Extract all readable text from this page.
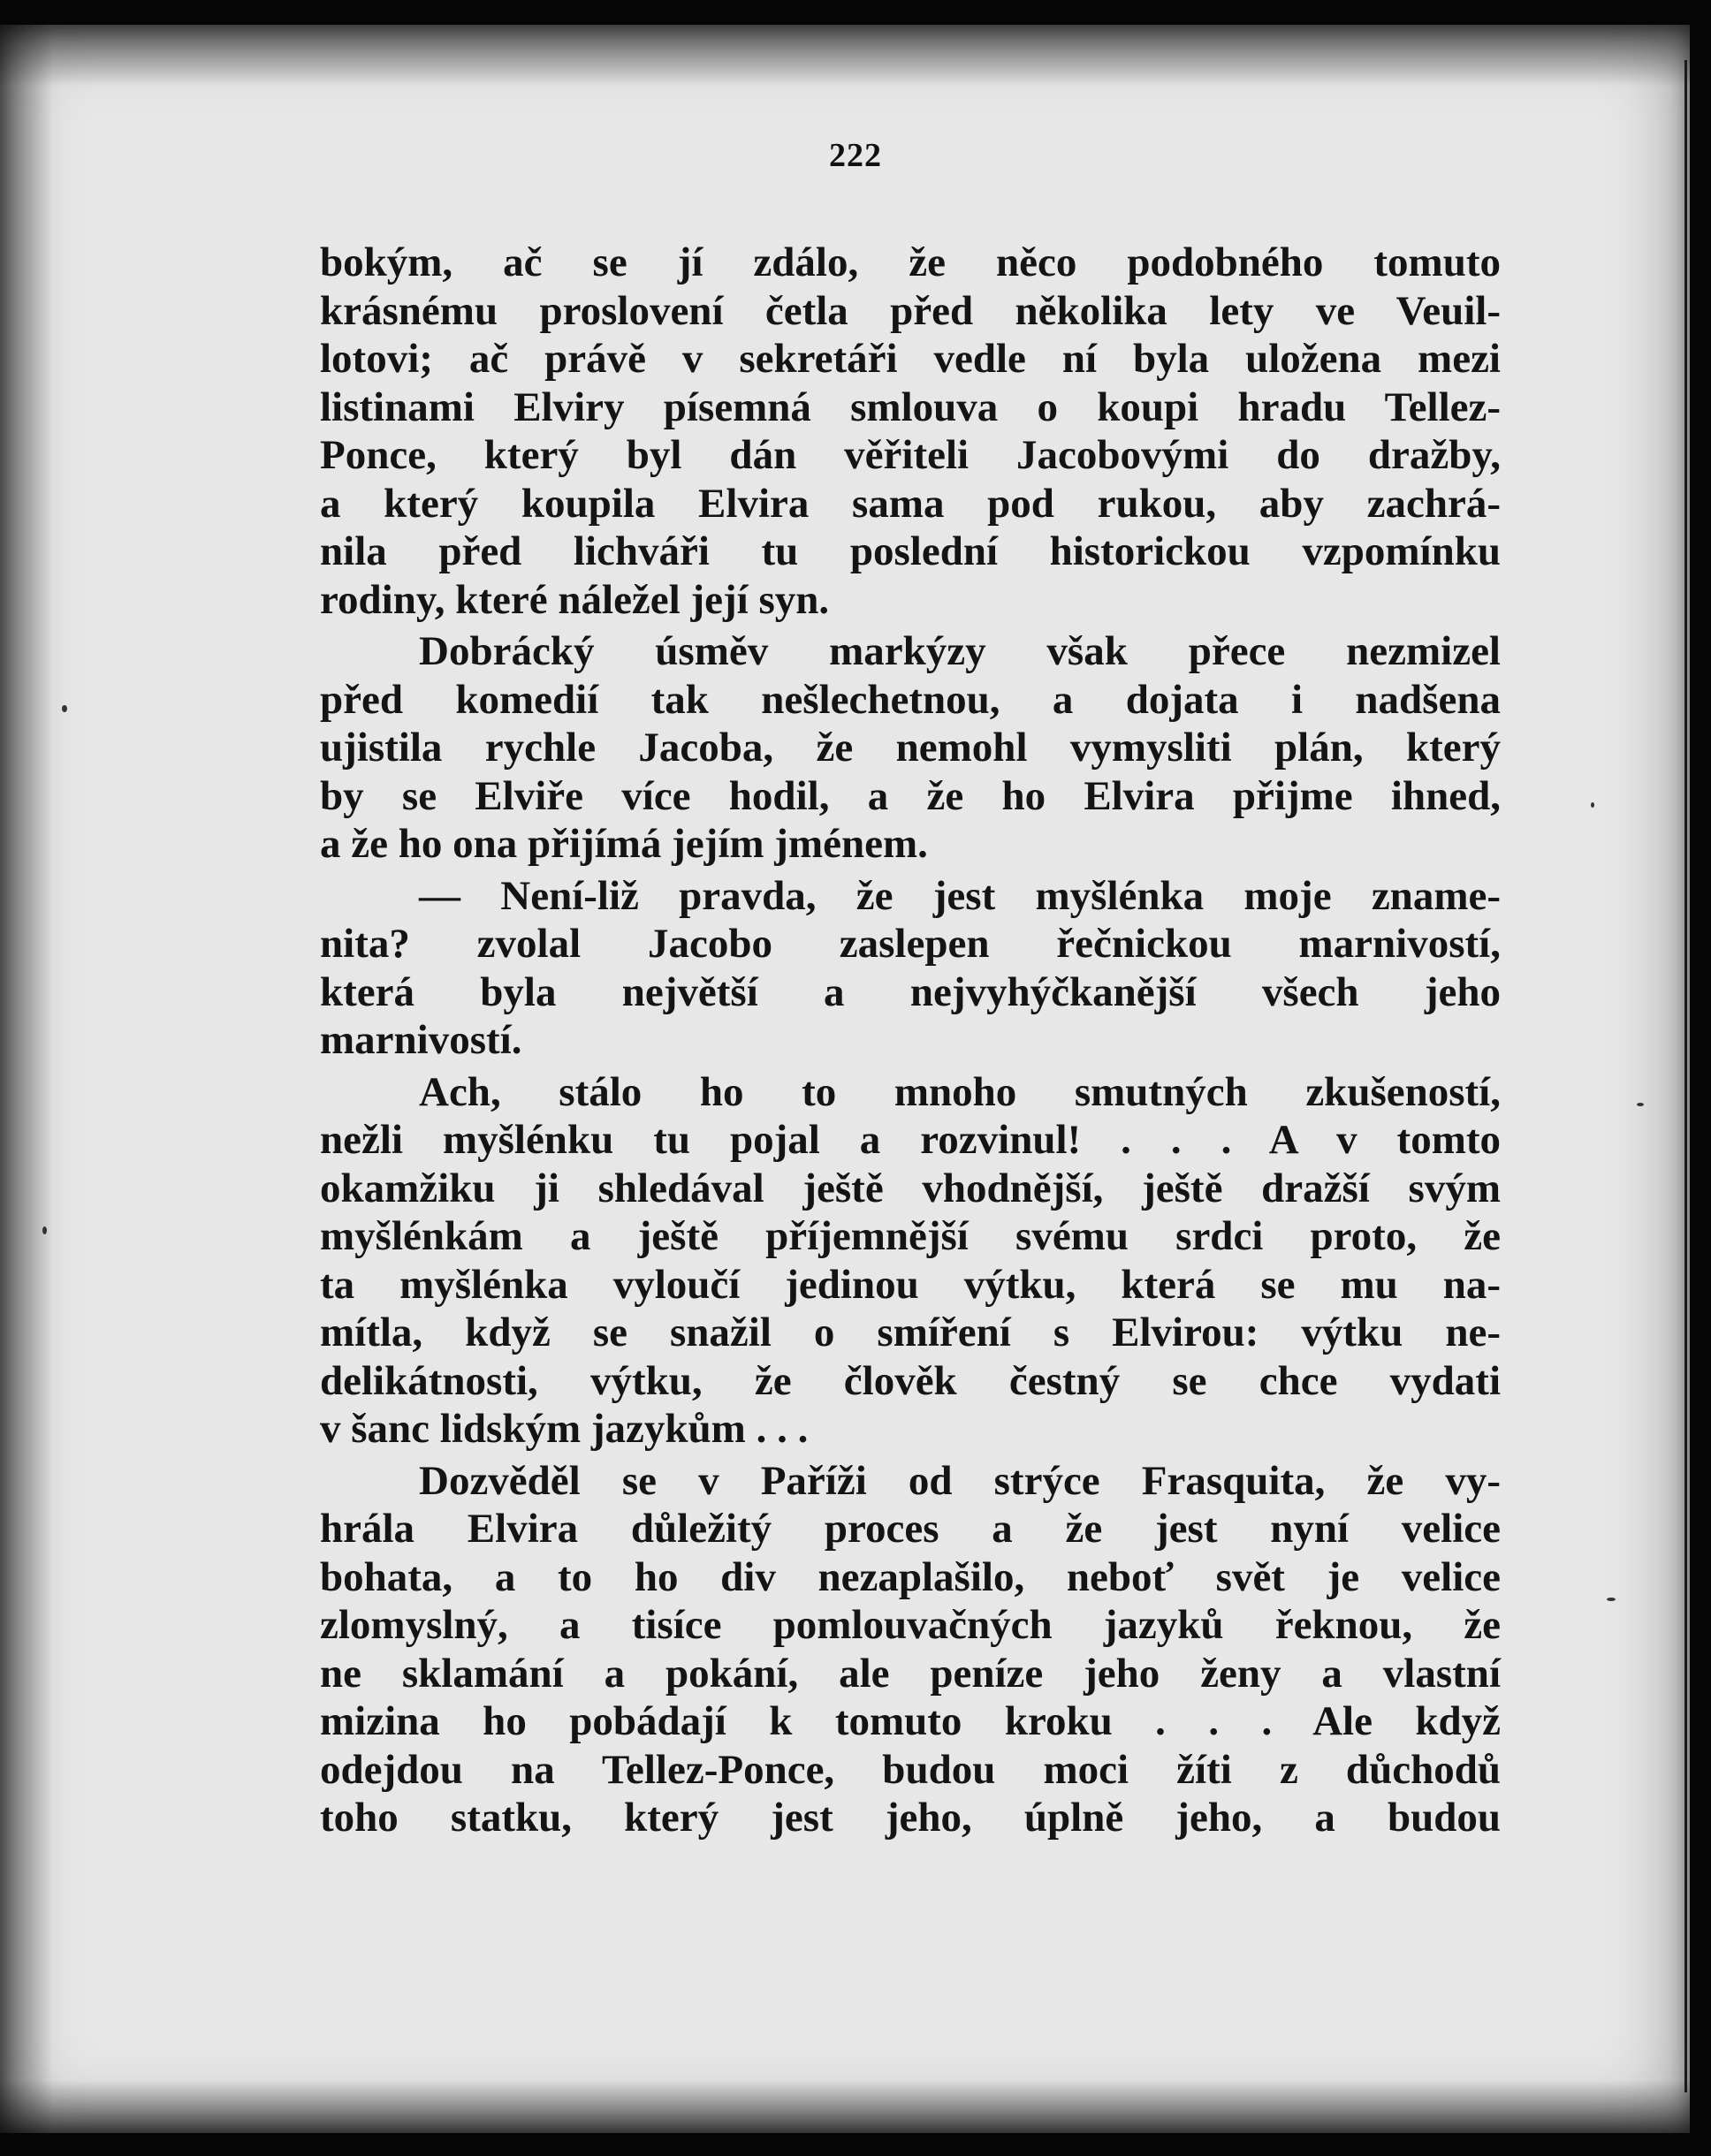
222
bokým, ač se jí zdálo, že něco podobného tomuto
krásnému proslovení četla před několika lety ve Veuil-
lotovi; ač právě v sekretáři vedle ní byla uložena mezi
listinami Elviry písemná smlouva o koupi hradu Tellez-
Ponce, který byl dán věřiteli Jacobovými do dražby,
a který koupila Elvira sama pod rukou, aby zachrá-
nila před lichváři tu poslední historickou vzpomínku
rodiny, které náležel její syn.
Dobrácký úsměv markýzy však přece nezmizel
před komedií tak nešlechetnou, a dojata i nadšena
ujistila rychle Jacoba, že nemohl vymysliti plán, který
by se Elviře více hodil, a že ho Elvira přijme ihned,
a že ho ona přijímá jejím jménem.
— Není-liž pravda, že jest myšlénka moje zname-
nita? zvolal Jacobo zaslepen řečnickou marnivostí,
která byla největší a nejvyhýčkanější všech jeho
marnivostí.
Ach, stálo ho to mnoho smutných zkušeností,
nežli myšlénku tu pojal a rozvinul! . . . A v tomto
okamžiku ji shledával ještě vhodnější, ještě dražší svým
myšlénkám a ještě příjemnější svému srdci proto, že
ta myšlénka vyloučí jedinou výtku, která se mu na-
mítla, když se snažil o smíření s Elvirou: výtku ne-
delikátnosti, výtku, že člověk čestný se chce vydati
v šanc lidským jazykům . . .
Dozvěděl se v Paříži od strýce Frasquita, že vy-
hrála Elvira důležitý proces a že jest nyní velice
bohata, a to ho div nezaplašilo, neboť svět je velice
zlomyslný, a tisíce pomlouvačných jazyků řeknou, že
ne sklamání a pokání, ale peníze jeho ženy a vlastní
mizina ho pobádají k tomuto kroku . . . Ale když
odejdou na Tellez-Ponce, budou moci žíti z důchodů
toho statku, který jest jeho, úplně jeho, a budou
